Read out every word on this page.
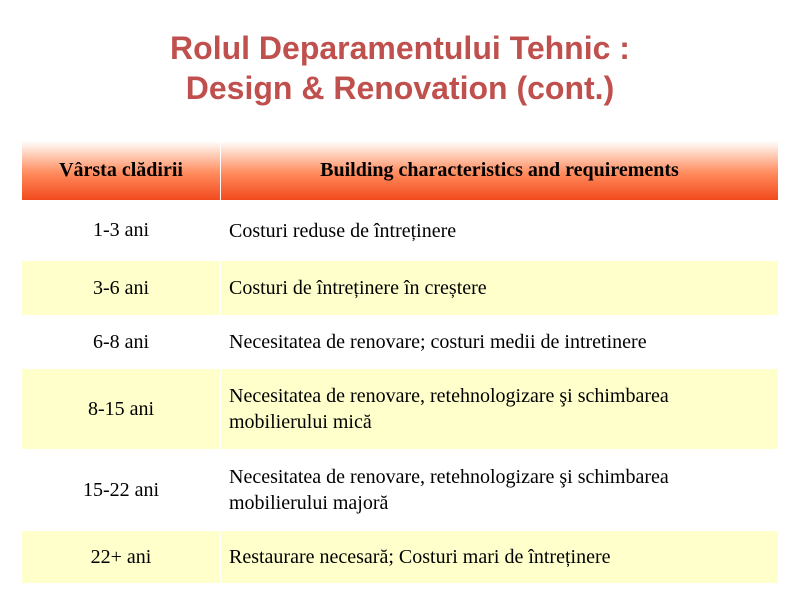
Rolul Deparamentului Tehnic :
Design & Renovation (cont.)
Vârsta clădirii	Building characteristics and requirements
1-3 ani	Costuri reduse de întreținere
3-6 ani	Costuri de întreținere în creștere
6-8 ani	Necesitatea de renovare; costuri medii de intretinere
8-15 ani	Necesitatea de renovare, retehnologizare şi schimbarea mobilierului mică
15-22 ani	Necesitatea de renovare, retehnologizare şi schimbarea mobilierului majoră
22+ ani	Restaurare necesară; Costuri mari de întreținere
